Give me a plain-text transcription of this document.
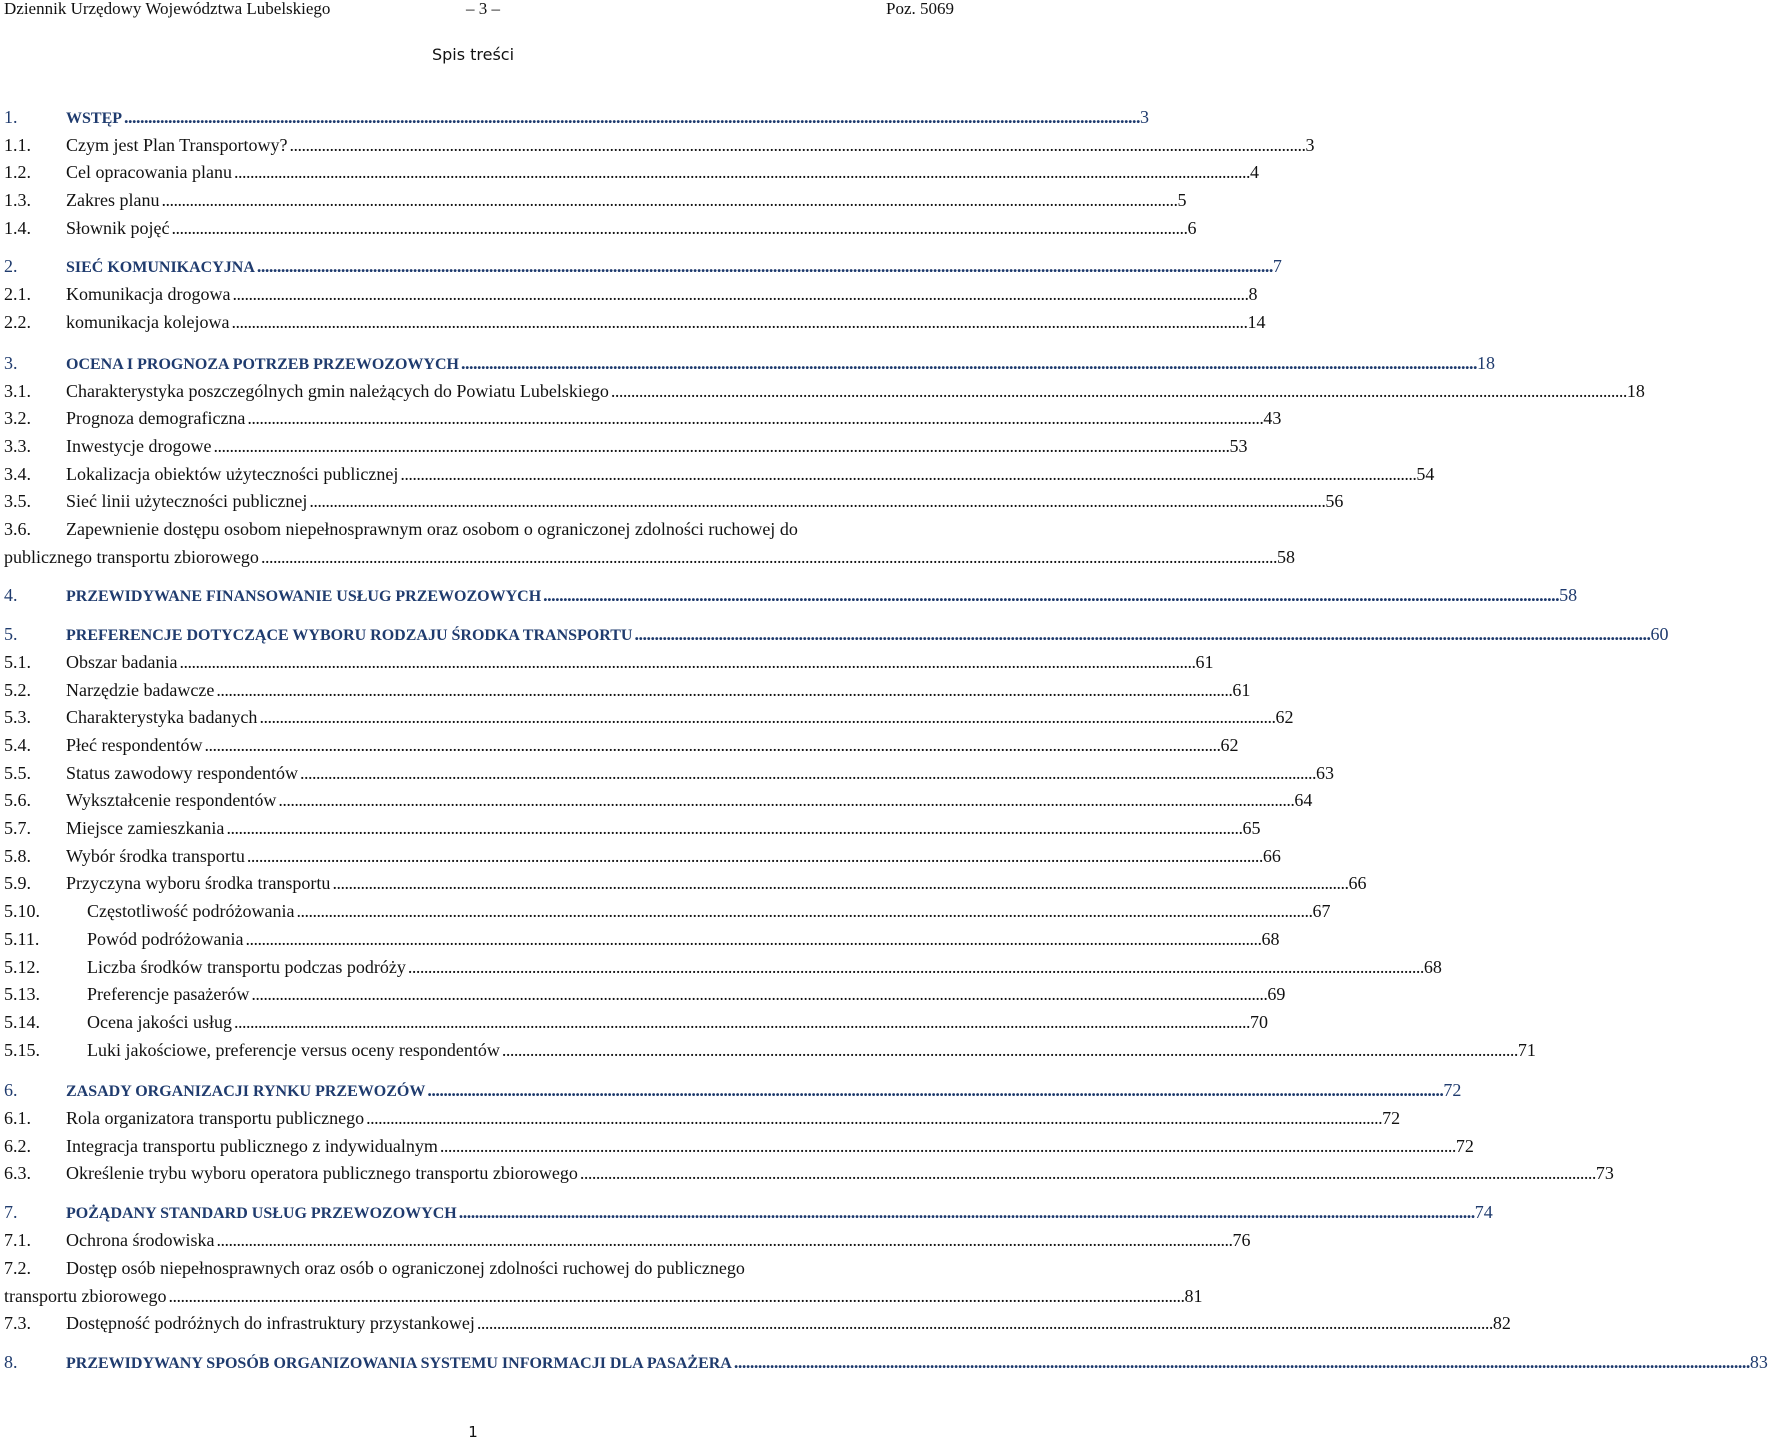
Dziennik Urzędowy Województwa Lubelskiego	– 3 –	Poz. 5069
Spis treści
1.	WSTĘP . . .	3
1.1.	Czym jest Plan Transportowy? . . .	3
1.2.	Cel opracowania planu . . .	4
1.3.	Zakres planu . . .	5
1.4.	Słownik pojęć . . .	6
2.	SIEĆ KOMUNIKACYJNA . . .	7
2.1.	Komunikacja drogowa . . .	8
2.2.	komunikacja kolejowa . . .	14
3.	OCENA I PROGNOZA POTRZEB PRZEWOZOWYCH . . .	18
3.1.	Charakterystyka poszczególnych gmin należących do Powiatu Lubelskiego . . .	18
3.2.	Prognoza demograficzna . . .	43
3.3.	Inwestycje drogowe . . .	53
3.4.	Lokalizacja obiektów użyteczności publicznej . . .	54
3.5.	Sieć linii użyteczności publicznej . . .	56
3.6.	Zapewnienie dostępu osobom niepełnosprawnym oraz osobom o ograniczonej zdolności ruchowej do
publicznego transportu zbiorowego . . .	58
4.	PRZEWIDYWANE FINANSOWANIE USŁUG PRZEWOZOWYCH . . .	58
5.	PREFERENCJE DOTYCZĄCE WYBORU RODZAJU ŚRODKA TRANSPORTU . . .	60
5.1.	Obszar badania . . .	61
5.2.	Narzędzie badawcze . . .	61
5.3.	Charakterystyka badanych . . .	62
5.4.	Płeć respondentów . . .	62
5.5.	Status zawodowy respondentów . . .	63
5.6.	Wykształcenie respondentów . . .	64
5.7.	Miejsce zamieszkania . . .	65
5.8.	Wybór środka transportu . . .	66
5.9.	Przyczyna wyboru środka transportu . . .	66
5.10.	Częstotliwość podróżowania . . .	67
5.11.	Powód podróżowania . . .	68
5.12.	Liczba środków transportu podczas podróży . . .	68
5.13.	Preferencje pasażerów . . .	69
5.14.	Ocena jakości usług . . .	70
5.15.	Luki jakościowe, preferencje versus oceny respondentów . . .	71
6.	ZASADY ORGANIZACJI RYNKU PRZEWOZÓW . . .	72
6.1.	Rola organizatora transportu publicznego . . .	72
6.2.	Integracja transportu publicznego z indywidualnym . . .	72
6.3.	Określenie trybu wyboru operatora publicznego transportu zbiorowego . . .	73
7.	POŻĄDANY STANDARD USŁUG PRZEWOZOWYCH . . .	74
7.1.	Ochrona środowiska . . .	76
7.2.	Dostęp osób niepełnosprawnych oraz osób o ograniczonej zdolności ruchowej do publicznego
transportu zbiorowego . . .	81
7.3.	Dostępność podróżnych do infrastruktury przystankowej . . .	82
8.	PRZEWIDYWANY SPOSÓB ORGANIZOWANIA SYSTEMU INFORMACJI DLA PASAŻERA . . .	83
1
